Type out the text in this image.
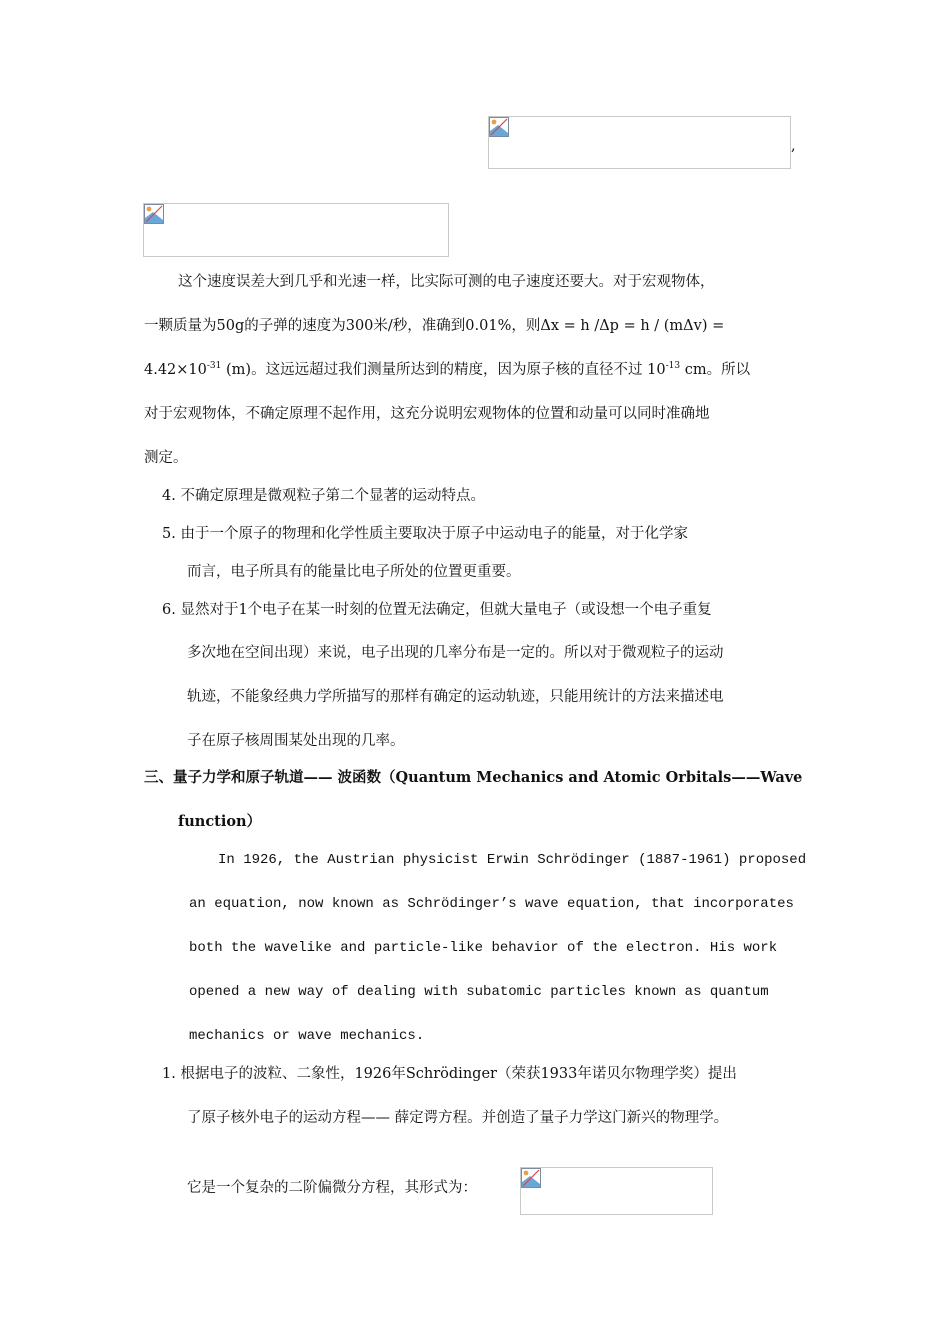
,
这个速度误差大到几乎和光速一样，比实际可测的电子速度还要大。对于宏观物体，
一颗质量为50g的子弹的速度为300米/秒，准确到0.01%，则Δx = h /Δp = h / (mΔv) =
$4.42\times 10^{-31}$ (m)。这远远超过我们测量所达到的精度，因为原子核的直径不过 $10^{-13}$ cm。所以
对于宏观物体，不确定原理不起作用，这充分说明宏观物体的位置和动量可以同时准确地
测定。
4. 不确定原理是微观粒子第二个显著的运动特点。
5. 由于一个原子的物理和化学性质主要取决于原子中运动电子的能量，对于化学家
而言，电子所具有的能量比电子所处的位置更重要。
6. 显然对于1个电子在某一时刻的位置无法确定，但就大量电子（或设想一个电子重复
多次地在空间出现）来说，电子出现的几率分布是一定的。所以对于微观粒子的运动
轨迹，不能象经典力学所描写的那样有确定的运动轨迹，只能用统计的方法来描述电
子在原子核周围某处出现的几率。
三、量子力学和原子轨道—— 波函数（Quantum Mechanics and Atomic Orbitals——Wave
function）
In 1926, the Austrian physicist Erwin Schrödinger (1887-1961) proposed
an equation, now known as Schrödinger’s wave equation, that incorporates
both the wavelike and particle-like behavior of the electron. His work
opened a new way of dealing with subatomic particles known as quantum
mechanics or wave mechanics.
1. 根据电子的波粒、二象性，1926年Schrödinger（荣获1933年诺贝尔物理学奖）提出
了原子核外电子的运动方程—— 薛定谔方程。并创造了量子力学这门新兴的物理学。
它是一个复杂的二阶偏微分方程，其形式为：
